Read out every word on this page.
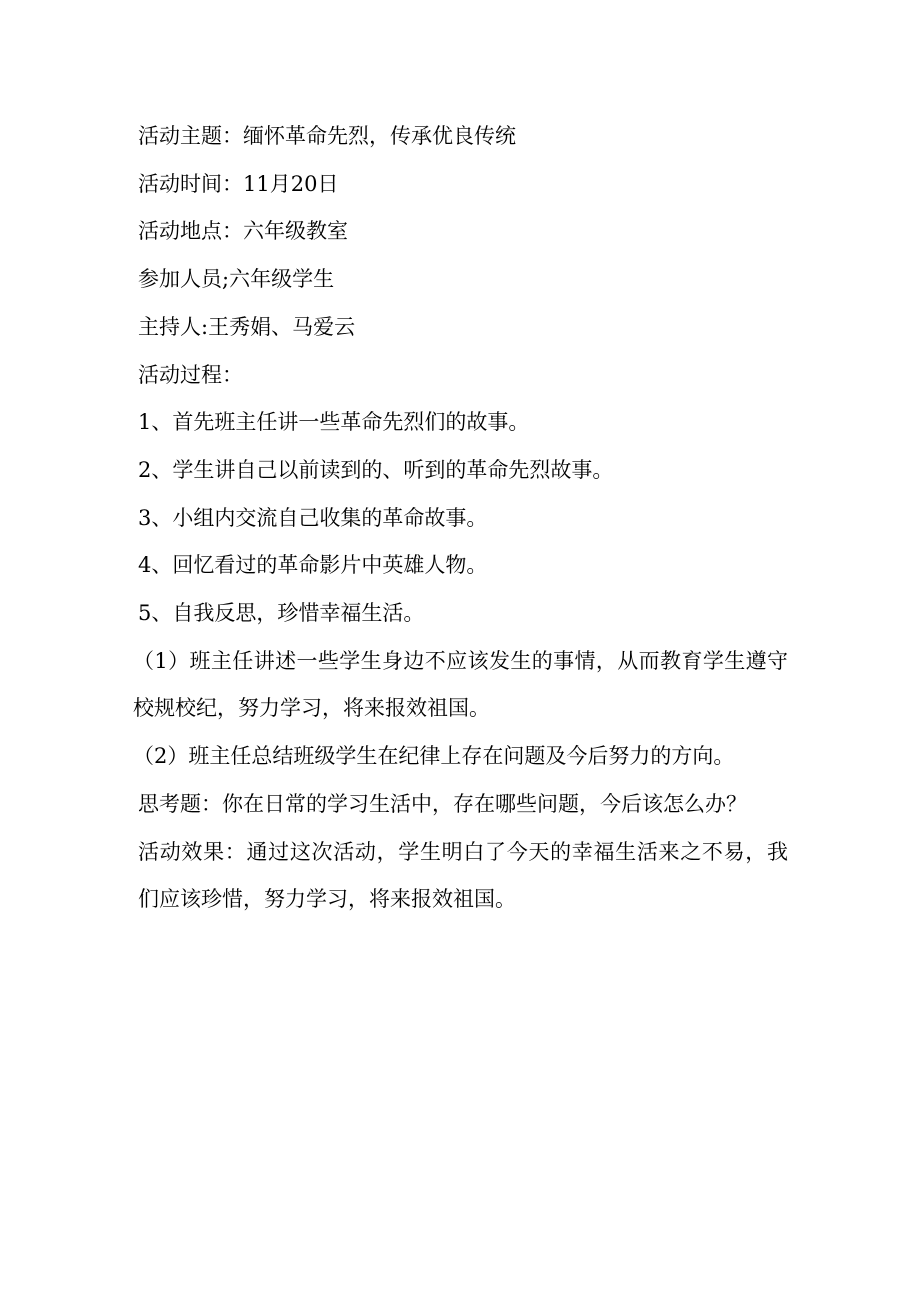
活动主题：缅怀革命先烈，传承优良传统

活动时间：11月20日

活动地点：六年级教室

参加人员;六年级学生

主持人:王秀娟、马爱云

活动过程：

1、首先班主任讲一些革命先烈们的故事。

2、学生讲自己以前读到的、听到的革命先烈故事。

3、小组内交流自己收集的革命故事。

4、回忆看过的革命影片中英雄人物。

5、自我反思，珍惜幸福生活。

（1）班主任讲述一些学生身边不应该发生的事情，从而教育学生遵守校规校纪，努力学习，将来报效祖国。

（2）班主任总结班级学生在纪律上存在问题及今后努力的方向。

思考题：你在日常的学习生活中，存在哪些问题，今后该怎么办？

活动效果：通过这次活动，学生明白了今天的幸福生活来之不易，我们应该珍惜，努力学习，将来报效祖国。
